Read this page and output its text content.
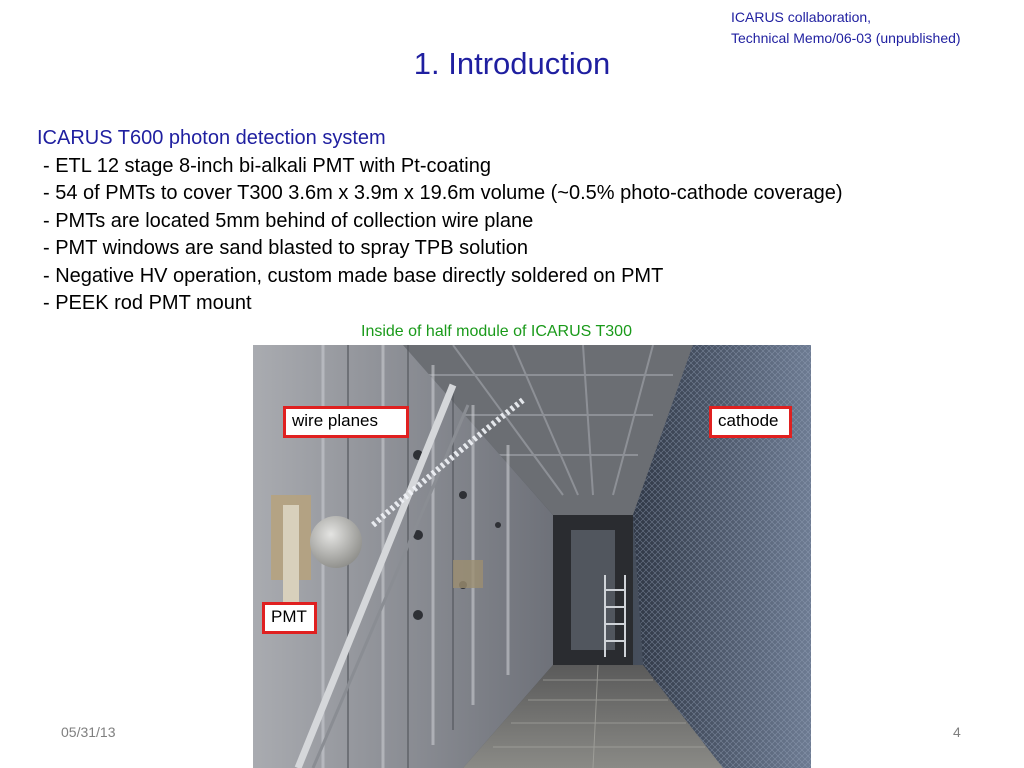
ICARUS collaboration,
Technical Memo/06-03 (unpublished)
1. Introduction
ICARUS T600 photon detection system
- ETL 12 stage 8-inch bi-alkali PMT with Pt-coating
- 54 of PMTs to cover T300 3.6m x 3.9m x 19.6m volume (~0.5% photo-cathode coverage)
- PMTs are located 5mm behind of collection wire plane
- PMT windows are sand blasted to spray TPB solution
- Negative HV operation, custom made base directly soldered on PMT
- PEEK rod PMT mount
Inside of half module of ICARUS T300
wire planes	cathode
PMT
05/31/13	4
